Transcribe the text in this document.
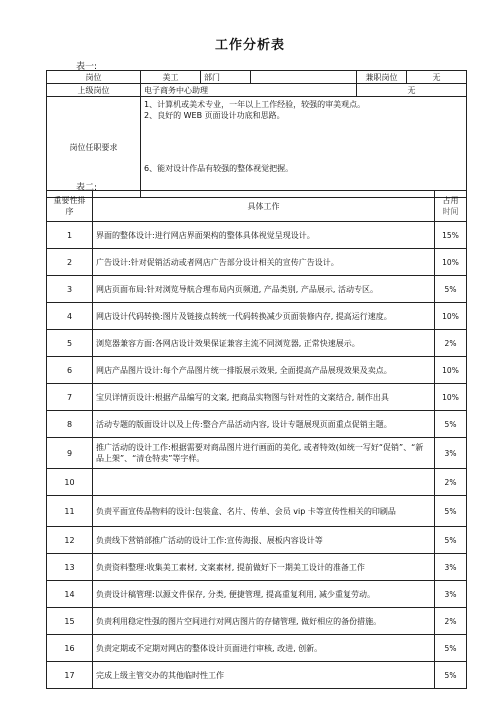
工作分析表
表一:
岗位	美工	部门		兼职岗位	无
上级岗位	电子商务中心助理			无	
岗位任职要求	1、计算机或美术专业，一年以上工作经验，较强的审美观点。
2、良好的 WEB 页面设计功底和思路。
6、能对设计作品有较强的整体视觉把握。				
表二:
重要性排序	具体工作	占用
时间

1	界面的整体设计:进行网店界面架构的整体具体视觉呈现设计。	15%
2	广告设计:针对促销活动或者网店广告部分设计相关的宣传广告设计。	10%
3	网店页面布局:针对浏览导航合理布局内页频道, 产品类别, 产品展示, 活动专区。	5%
4	网店设计代码转换:图片及链接点转统一代码转换减少页面装修内存, 提高运行速度。	10%
5	浏览器兼容方面:各网店设计效果保证兼容主流不同浏览器, 正常快速展示。	2%
6	网店产品图片设计:每个产品图片统一排版展示效果, 全面提高产品展现效果及卖点。	10%
7	宝贝详情页设计:根据产品编写的文案, 把商品实物图与针对性的文案结合, 制作出具	10%
8	活动专题的版面设计以及上传:整合产品活动内容, 设计专题展现页面重点促销主题。	5%
9	推广活动的设计工作:根据需要对商品图片进行画面的美化, 或者特效(如统一写好“促销”、“新品上架”、“清仓特卖”等字样。	3%
10		2%
11	负责平面宣传品物料的设计:包装盒、名片、传单、会员 vip 卡等宣传性相关的印刷品	5%
12	负责线下营销部推广活动的设计工作:宣传海报、展板内容设计等	5%
13	负责资料整理:收集美工素材, 文案素材, 提前做好下一期美工设计的准备工作	3%
14	负责设计稿管理:以源文件保存, 分类, 便捷管理, 提高重复利用, 减少重复劳动。	3%
15	负责利用稳定性强的图片空间进行对网店图片的存储管理, 做好相应的备份措施。	2%
16	负责定期或不定期对网店的整体设计页面进行审核, 改进, 创新。	5%
17	完成上级主管交办的其他临时性工作	5%
